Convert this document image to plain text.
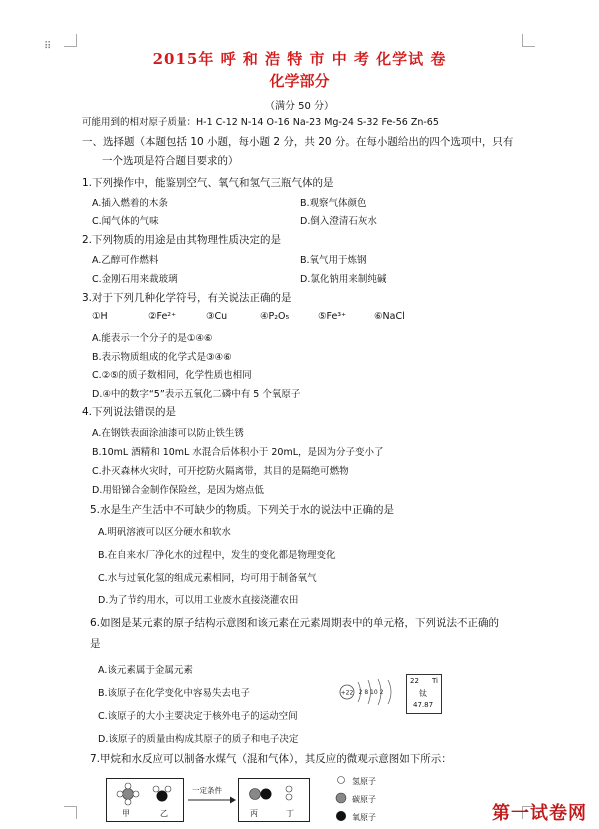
⠿
2015年 呼 和 浩 特 市 中 考 化学试 卷
化学部分
（满分 50 分）
可能用到的相对原子质量：H-1 C-12 N-14 O-16 Na-23 Mg-24 S-32 Fe-56 Zn-65
一、选择题（本题包括 10 小题，每小题 2 分，共 20 分。在每小题给出的四个选项中，只有
一个选项是符合题目要求的）
1.下列操作中，能鉴别空气、氧气和氢气三瓶气体的是
A.插入燃着的木条	B.观察气体颜色
C.闻气体的气味	D.倒入澄清石灰水
2.下列物质的用途是由其物理性质决定的是
A.乙醇可作燃料	B.氧气用于炼钢
C.金刚石用来裁玻璃	D.氯化钠用来制纯碱
3.对于下列几种化学符号，有关说法正确的是
①H	②Fe²⁺	③Cu	④P₂O₅	⑤Fe³⁺	⑥NaCl
A.能表示一个分子的是①④⑥
B.表示物质组成的化学式是③④⑥
C.②⑤的质子数相同，化学性质也相同
D.④中的数字“5”表示五氧化二磷中有 5 个氧原子
4.下列说法错误的是
A.在钢铁表面涂油漆可以防止铁生锈
B.10mL 酒精和 10mL 水混合后体积小于 20mL，是因为分子变小了
C.扑灭森林火灾时，可开挖防火隔离带，其目的是隔绝可燃物
D.用铅锑合金制作保险丝，是因为熔点低
5.水是生产生活中不可缺少的物质。下列关于水的说法中正确的是
A.明矾溶液可以区分硬水和软水
B.在自来水厂净化水的过程中，发生的变化都是物理变化
C.水与过氧化氢的组成元素相同，均可用于制备氧气
D.为了节约用水，可以用工业废水直接浇灌农田
6.如图是某元素的原子结构示意图和该元素在元素周期表中的单元格，下列说法不正确的
是
A.该元素属于金属元素
B.该原子在化学变化中容易失去电子
C.该原子的大小主要决定于核外电子的运动空间
D.该原子的质量由构成其原子的质子和电子决定
+22 2 8 10 2
22 Ti
钛
47.87
7.甲烷和水反应可以制备水煤气（混和气体），其反应的微观示意图如下所示：
甲	乙
一定条件
丙	丁
氢原子
碳原子
氧原子	第一试卷网
